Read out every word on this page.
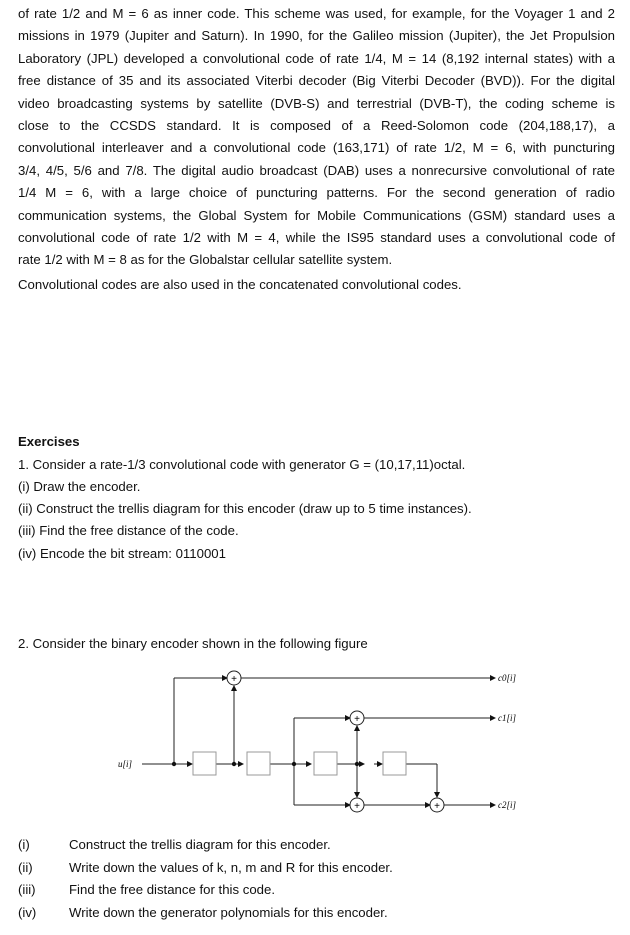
of rate 1/2 and M = 6 as inner code. This scheme was used, for example, for the Voyager 1 and 2
missions in 1979 (Jupiter and Saturn). In 1990, for the Galileo mission (Jupiter), the Jet Propulsion
Laboratory (JPL) developed a convolutional code of rate 1/4, M = 14 (8,192 internal states) with a
free distance of 35 and its associated Viterbi decoder (Big Viterbi Decoder (BVD)). For the digital
video broadcasting systems by satellite (DVB-S) and terrestrial (DVB-T), the coding scheme is
close to the CCSDS standard. It is composed of a Reed-Solomon code (204,188,17), a
convolutional interleaver and a convolutional code (163,171) of rate 1/2, M = 6, with puncturing
3/4, 4/5, 5/6 and 7/8. The digital audio broadcast (DAB) uses a nonrecursive convolutional of rate
1/4 M = 6, with a large choice of puncturing patterns. For the second generation of radio
communication systems, the Global System for Mobile Communications (GSM) standard uses a
convolutional code of rate 1/2 with M = 4, while the IS95 standard uses a convolutional code of
rate 1/2 with M = 8 as for the Globalstar cellular satellite system.

Convolutional codes are also used in the concatenated convolutional codes.

Exercises

1. Consider a rate-1/3 convolutional code with generator G = (10,17,11)octal.

(i) Draw the encoder.

(ii) Construct the trellis diagram for this encoder (draw up to 5 time instances).

(iii) Find the free distance of the code.

(iv) Encode the bit stream: 0110001

2. Consider the binary encoder shown in the following figure

+
+
+	+
u[i]
c0[i]
c1[i]
c2[i]
(i)	Construct the trellis diagram for this encoder.
(ii)	Write down the values of k, n, m and R for this encoder.
(iii)	Find the free distance for this code.
(iv) Write down the generator polynomials for this encoder.
